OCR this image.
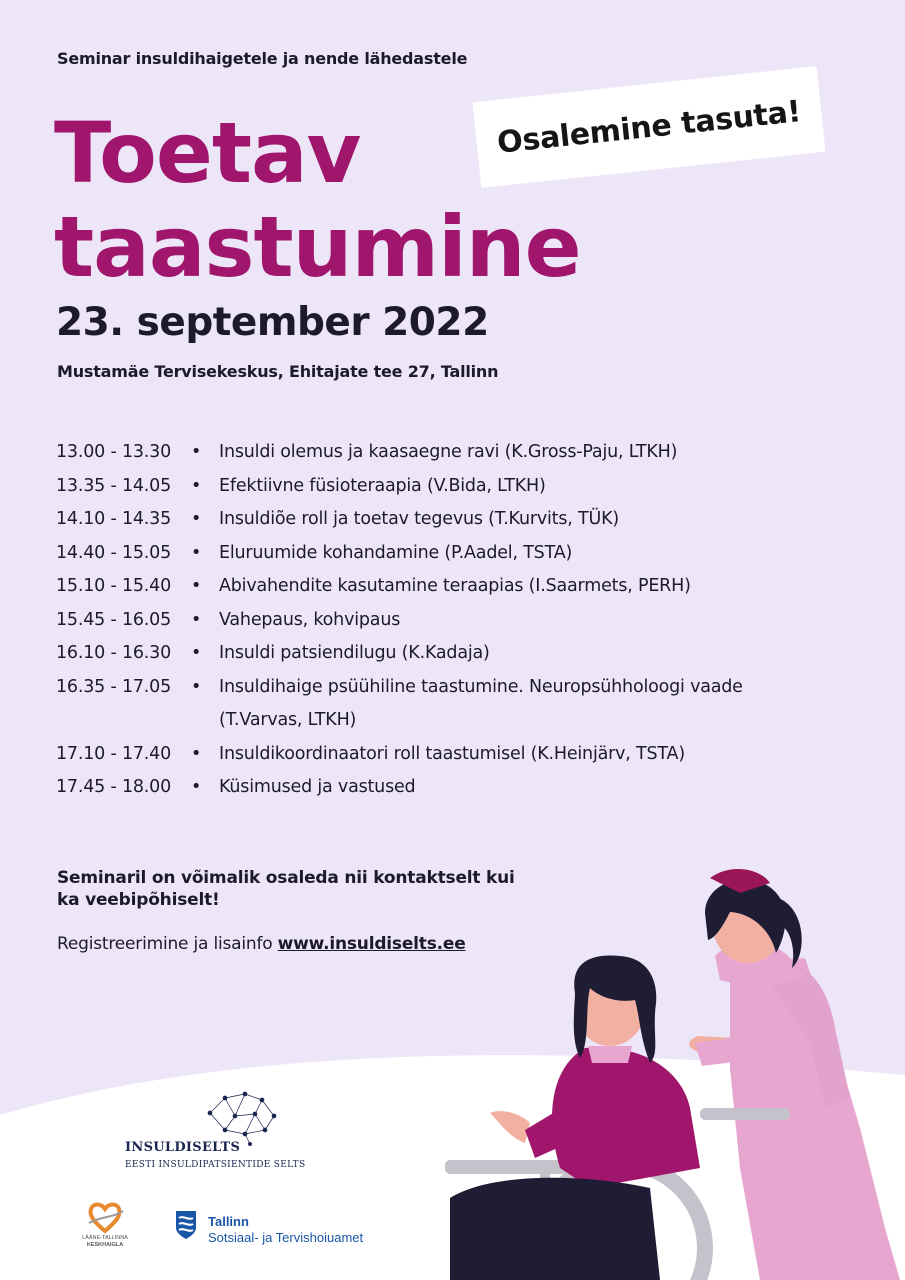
Seminar insuldihaigetele ja nende lähedastele
Toetav
taastumine
Osalemine tasuta!
23. september 2022
Mustamäe Tervisekeskus, Ehitajate tee 27, Tallinn
13.00 - 13.30	•	Insuldi olemus ja kaasaegne ravi (K.Gross-Paju, LTKH)
13.35 - 14.05	•	Efektiivne füsioteraapia (V.Bida, LTKH)
14.10 - 14.35	•	Insuldiõe roll ja toetav tegevus (T.Kurvits, TÜK)
14.40 - 15.05	•	Eluruumide kohandamine (P.Aadel, TSTA)
15.10 - 15.40	•	Abivahendite kasutamine teraapias (I.Saarmets, PERH)
15.45 - 16.05	•	Vahepaus, kohvipaus
16.10 - 16.30	•	Insuldi patsiendilugu (K.Kadaja)
16.35 - 17.05	•	Insuldihaige psüühiline taastumine. Neuropsühholoogi vaade (T.Varvas, LTKH)
17.10 - 17.40	•	Insuldikoordinaatori roll taastumisel (K.Heinjärv, TSTA)
17.45 - 18.00	•	Küsimused ja vastused
Seminaril on võimalik osaleda nii kontaktselt kui ka veebipõhiselt!
Registreerimine ja lisainfo www.insuldiselts.ee
INSULDISELTS
EESTI INSULDIPATSIENTIDE SELTS
LÄÄNE-TALLINNA
KESKHAIGLA
Tallinn
Sotsiaal- ja Tervishoiuamet
